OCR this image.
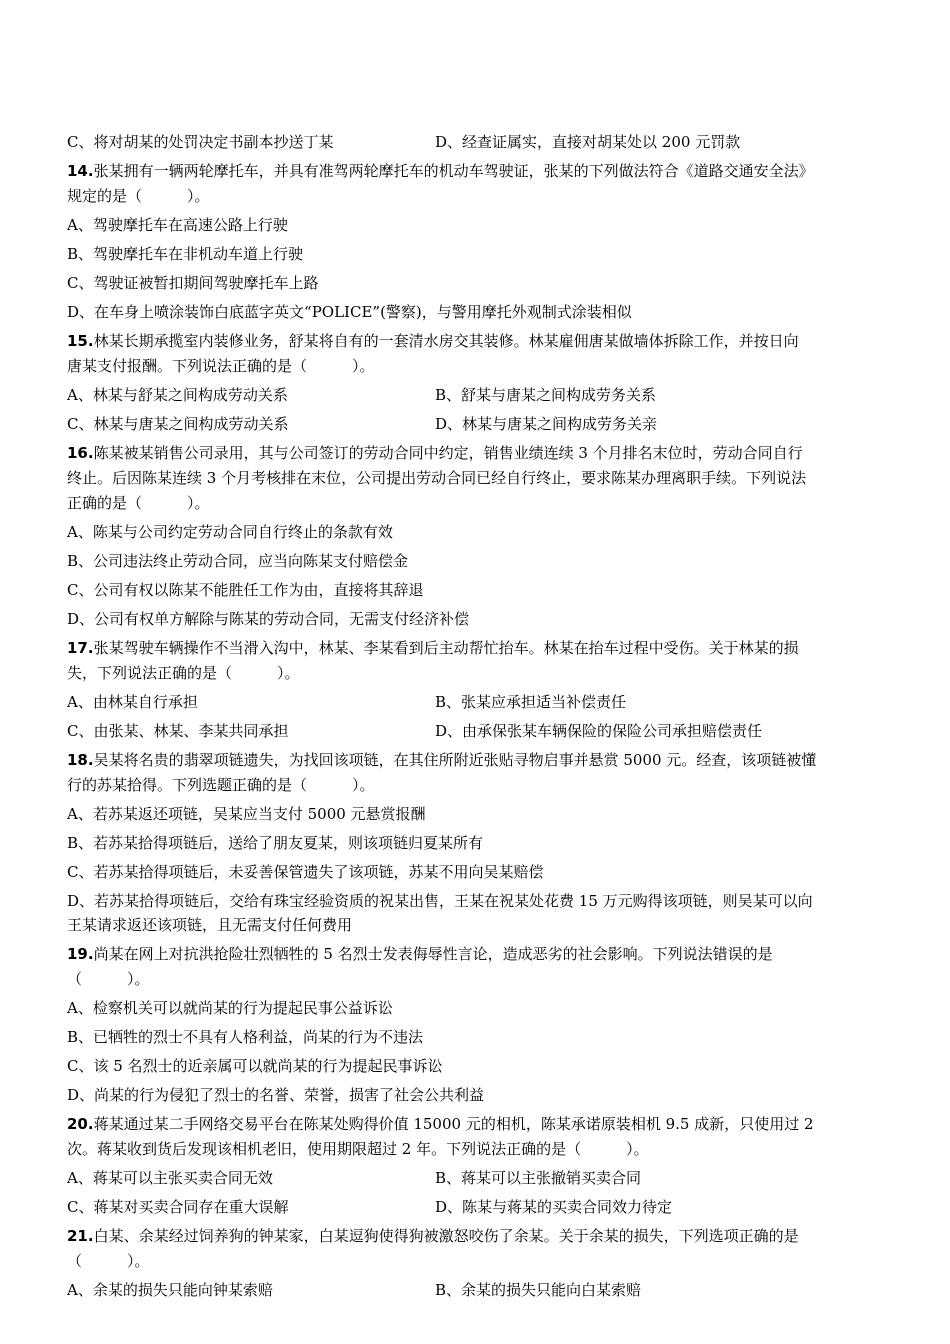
C、将对胡某的处罚决定书副本抄送丁某	D、经查证属实，直接对胡某处以 200 元罚款
14.张某拥有一辆两轮摩托车，并具有准驾两轮摩托车的机动车驾驶证，张某的下列做法符合《道路交通安全法》
规定的是（　　　）。
A、驾驶摩托车在高速公路上行驶
B、驾驶摩托车在非机动车道上行驶
C、驾驶证被暂扣期间驾驶摩托车上路
D、在车身上喷涂装饰白底蓝字英文“POLICE”(警察)，与警用摩托外观制式涂装相似
15.林某长期承揽室内装修业务，舒某将自有的一套清水房交其装修。林某雇佣唐某做墙体拆除工作，并按日向
唐某支付报酬。下列说法正确的是（　　　）。
A、林某与舒某之间构成劳动关系	B、舒某与唐某之间构成劳务关系
C、林某与唐某之间构成劳动关系	D、林某与唐某之间构成劳务关亲
16.陈某被某销售公司录用，其与公司签订的劳动合同中约定，销售业绩连续 3 个月排名末位时，劳动合同自行
终止。后因陈某连续 3 个月考核排在末位，公司提出劳动合同已经自行终止，要求陈某办理离职手续。下列说法
正确的是（　　　）。
A、陈某与公司约定劳动合同自行终止的条款有效
B、公司违法终止劳动合同，应当向陈某支付赔偿金
C、公司有权以陈某不能胜任工作为由，直接将其辞退
D、公司有权单方解除与陈某的劳动合同，无需支付经济补偿
17.张某驾驶车辆操作不当滑入沟中，林某、李某看到后主动帮忙抬车。林某在抬车过程中受伤。关于林某的损
失，下列说法正确的是（　　　）。
A、由林某自行承担	B、张某应承担适当补偿责任
C、由张某、林某、李某共同承担	D、由承保张某车辆保险的保险公司承担赔偿责任
18.吴某将名贵的翡翠项链遗失，为找回该项链，在其住所附近张贴寻物启事并悬赏 5000 元。经查，该项链被懂
行的苏某拾得。下列选题正确的是（　　　）。
A、若苏某返还项链，吴某应当支付 5000 元悬赏报酬
B、若苏某拾得项链后，送给了朋友夏某，则该项链归夏某所有
C、若苏某拾得项链后，未妥善保管遗失了该项链，苏某不用向吴某赔偿
D、若苏某拾得项链后，交给有珠宝经验资质的祝某出售，王某在祝某处花费 15 万元购得该项链，则吴某可以向
王某请求返还该项链，且无需支付任何费用
19.尚某在网上对抗洪抢险壮烈牺牲的 5 名烈士发表侮辱性言论，造成恶劣的社会影响。下列说法错误的是
（　　　）。
A、检察机关可以就尚某的行为提起民事公益诉讼
B、已牺牲的烈士不具有人格利益，尚某的行为不违法
C、该 5 名烈士的近亲属可以就尚某的行为提起民事诉讼
D、尚某的行为侵犯了烈士的名誉、荣誉，损害了社会公共利益
20.蒋某通过某二手网络交易平台在陈某处购得价值 15000 元的相机，陈某承诺原装相机 9.5 成新，只使用过 2
次。蒋某收到货后发现该相机老旧，使用期限超过 2 年。下列说法正确的是（　　　）。
A、蒋某可以主张买卖合同无效	B、蒋某可以主张撤销买卖合同
C、蒋某对买卖合同存在重大误解	D、陈某与蒋某的买卖合同效力待定
21.白某、余某经过饲养狗的钟某家，白某逗狗使得狗被激怒咬伤了余某。关于余某的损失，下列选项正确的是
（　　　）。
A、余某的损失只能向钟某索赔	B、余某的损失只能向白某索赔
